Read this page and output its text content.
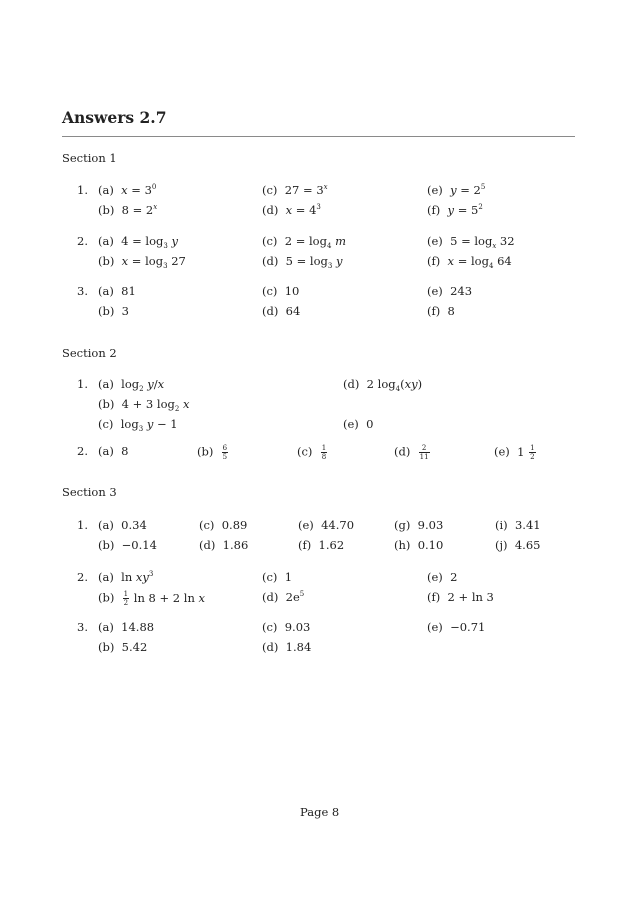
Answers 2.7
Section 1
1. (a) $x = 3^0$	(c) $27 = 3^x$	(e) $y = 2^5$
(b) $8 = 2^x$	(d) $x = 4^3$	(f) $y = 5^2$
2. (a) $4 = \log_3 y$	(c) $2 = \log_4 m$	(e) $5 = \log_x 32$
(b) $x = \log_3 27$	(d) $5 = \log_3 y$	(f) $x = \log_4 64$
3. (a) 81	(c) 10	(e) 243
(b) 3	(d) 64	(f) 8
Section 2
1. (a) $\log_2 y/x$	(d) 2 $\log_4(xy)$
(b) 4 + 3 $\log_2 x$
(c) $\log_3 y - 1$	(e) 0
2. (a) 8	$(b) \frac{6}{5}$	$(c) \frac{1}{8}$	$(d) \frac{2}{11}$	(e) $1 \frac{1}{2}$
Section 3
1. (a) 0.34	(c) 0.89	(e) 44.70	(g) 9.03	(i) 3.41
(b) −0.14	(d) 1.86	(f) 1.62	(h) 0.10	(j) 4.65
2. (a) $\ln xy^3$	(c) 1	(e) 2
$(b) \frac{1}{2}$ ln 8 + 2 ln x	(d) $2e^5$	(f) 2 + ln 3
3. (a) 14.88	(c) 9.03	(e) −0.71
(b) 5.42	(d) 1.84
Page 8
